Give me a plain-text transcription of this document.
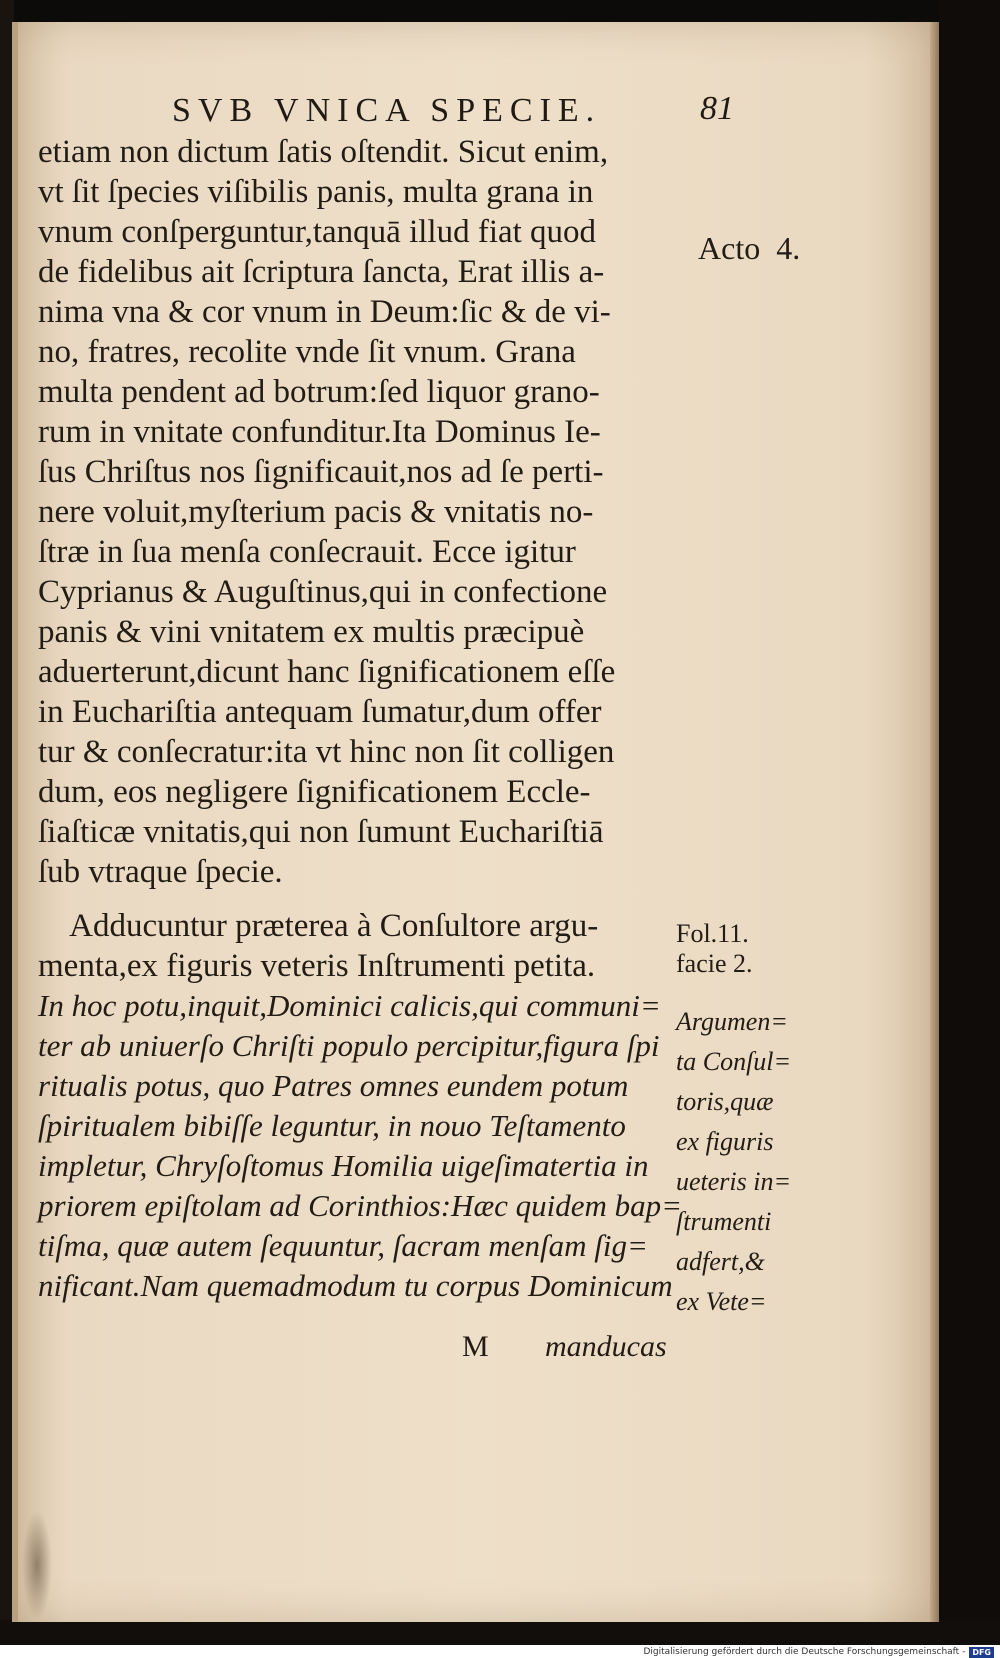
SVB VNICA SPECIE.	81
etiam non dictum ſatis oſtendit. Sicut enim,
vt ſit ſpecies viſibilis panis, multa grana in
vnum conſperguntur,tanquā illud fiat quod
de fidelibus ait ſcriptura ſancta, Erat illis a-
nima vna & cor vnum in Deum:ſic & de vi-
no, fratres, recolite vnde ſit vnum. Grana
multa pendent ad botrum:ſed liquor grano-
rum in vnitate confunditur.Ita Dominus Ie-
ſus Chriſtus nos ſignificauit,nos ad ſe perti-
nere voluit,myſterium pacis & vnitatis no-
ſtræ in ſua menſa conſecrauit. Ecce igitur
Cyprianus & Auguſtinus,qui in confectione
panis & vini vnitatem ex multis præcipuè
aduerterunt,dicunt hanc ſignificationem eſſe
in Euchariſtia antequam ſumatur,dum offer
tur & conſecratur:ita vt hinc non ſit colligen
dum, eos negligere ſignificationem Eccle-
ſiaſticæ vnitatis,qui non ſumunt Euchariſtiā
ſub vtraque ſpecie.
Adducuntur præterea à Conſultore argu-
menta,ex figuris veteris Inſtrumenti petita.
In hoc potu,inquit,Dominici calicis,qui communi=
ter ab uniuerſo Chriſti populo percipitur,figura ſpi
ritualis potus, quo Patres omnes eundem potum
ſpiritualem bibiſſe leguntur, in nouo Teſtamento
impletur, Chryſoſtomus Homilia uigeſimatertia in
priorem epiſtolam ad Corinthios:Hæc quidem bap=
tiſma, quæ autem ſequuntur, ſacram menſam ſig=
nificant.Nam quemadmodum tu corpus Dominicum
Acto  4.
Fol.11.
facie 2.
Argumen=
ta Conſul=
toris,quæ
ex figuris
ueteris in=
ſtrumenti
adfert,&
ex Vete=
M manducas
Digitalisierung gefördert durch die Deutsche Forschungsgemeinschaft - DFG
